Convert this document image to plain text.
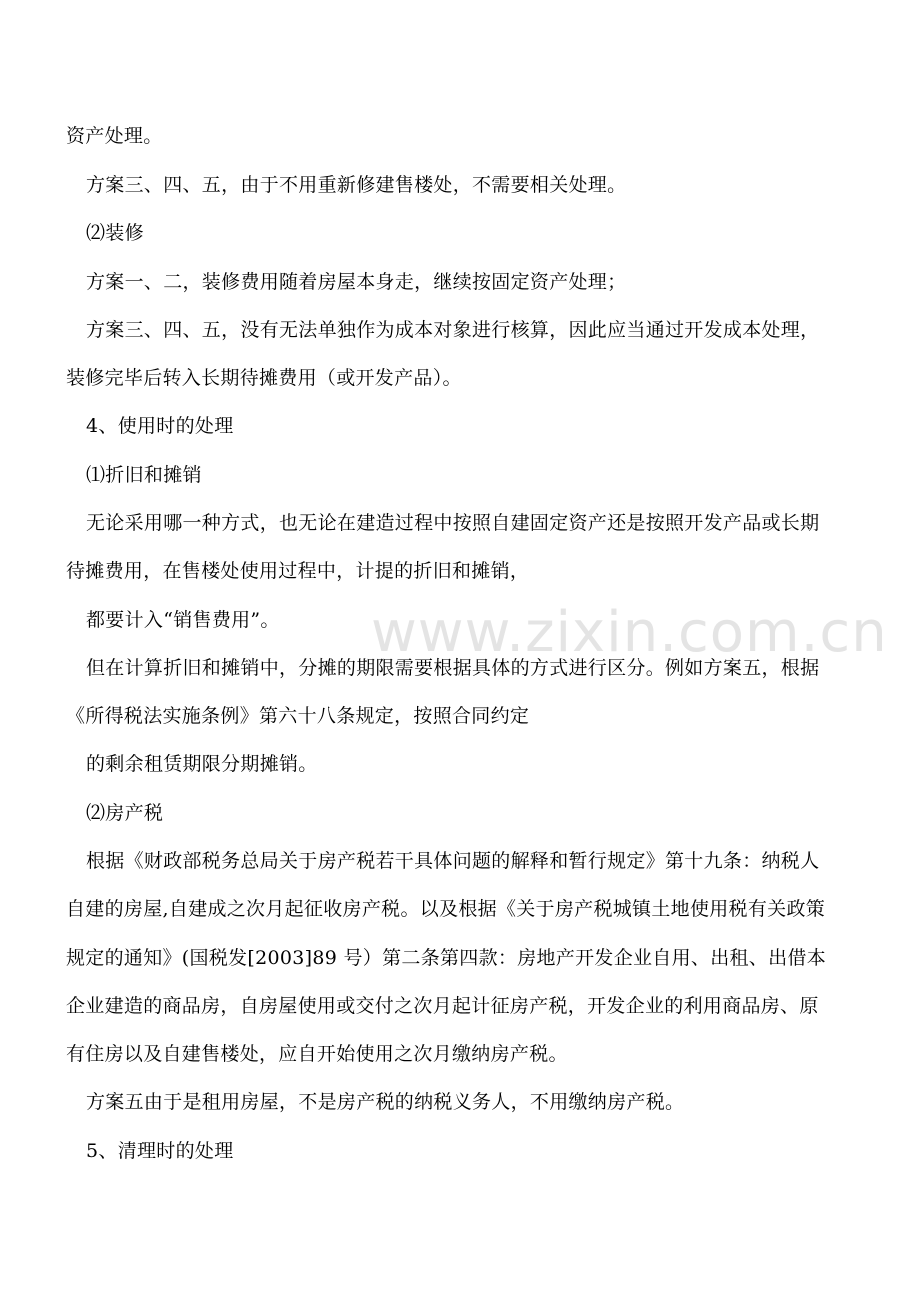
www.zixin.com.cn
资产处理。
方案三、四、五，由于不用重新修建售楼处，不需要相关处理。
⑵装修
方案一、二，装修费用随着房屋本身走，继续按固定资产处理；
方案三、四、五，没有无法单独作为成本对象进行核算，因此应当通过开发成本处理，
装修完毕后转入长期待摊费用（或开发产品）。
4、使用时的处理
⑴折旧和摊销
无论采用哪一种方式，也无论在建造过程中按照自建固定资产还是按照开发产品或长期
待摊费用，在售楼处使用过程中，计提的折旧和摊销，
都要计入“销售费用”。
但在计算折旧和摊销中，分摊的期限需要根据具体的方式进行区分。例如方案五，根据
《所得税法实施条例》第六十八条规定，按照合同约定
的剩余租赁期限分期摊销。
⑵房产税
根据《财政部税务总局关于房产税若干具体问题的解释和暂行规定》第十九条：纳税人
自建的房屋,自建成之次月起征收房产税。以及根据《关于房产税城镇土地使用税有关政策
规定的通知》(国税发[2003]89 号）第二条第四款：房地产开发企业自用、出租、出借本
企业建造的商品房，自房屋使用或交付之次月起计征房产税，开发企业的利用商品房、原
有住房以及自建售楼处，应自开始使用之次月缴纳房产税。
方案五由于是租用房屋，不是房产税的纳税义务人，不用缴纳房产税。
5、清理时的处理
